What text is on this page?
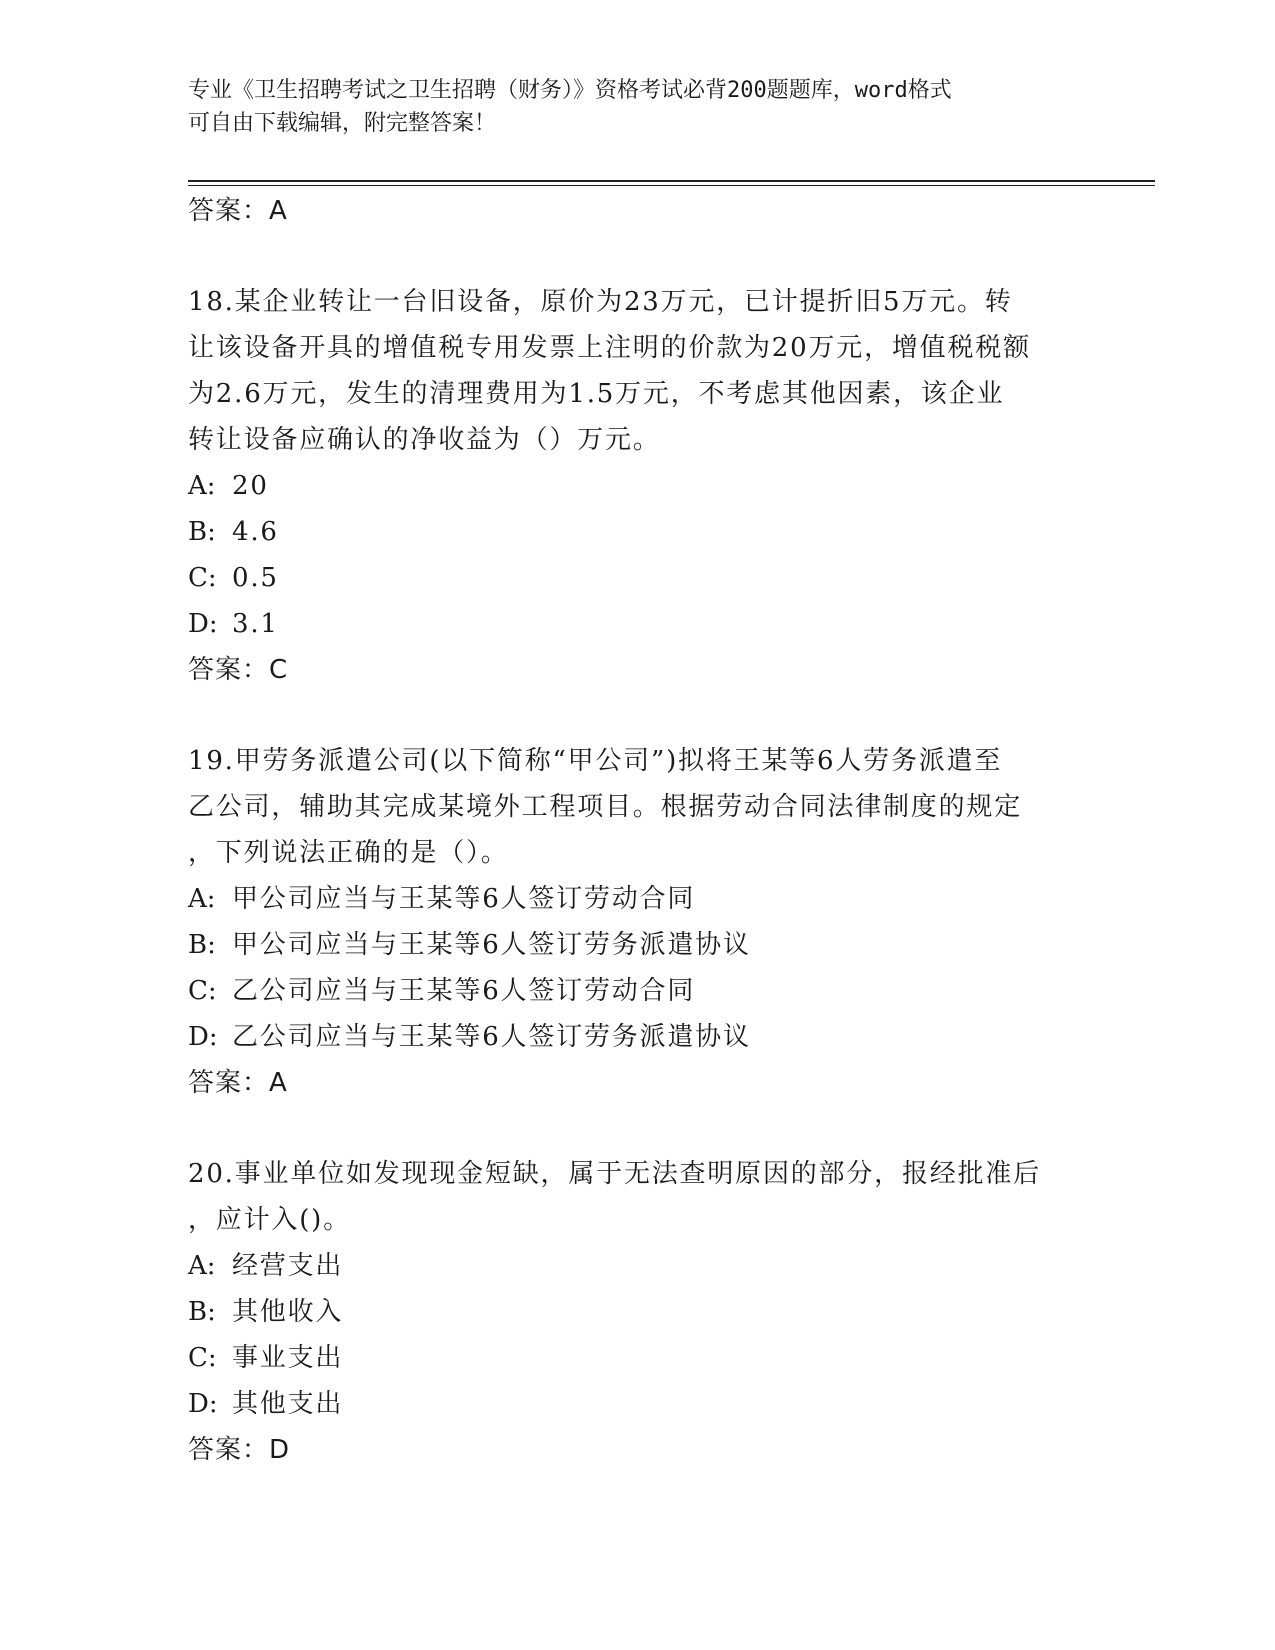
专业《卫生招聘考试之卫生招聘（财务）》资格考试必背200题题库，word格式
可自由下载编辑，附完整答案！
答案：A
18.某企业转让一台旧设备，原价为23万元，已计提折旧5万元。转
让该设备开具的增值税专用发票上注明的价款为20万元，增值税税额
为2.6万元，发生的清理费用为1.5万元，不考虑其他因素，该企业
转让设备应确认的净收益为（）万元。
A: 20
B: 4.6
C: 0.5
D: 3.1
答案：C
19.甲劳务派遣公司(以下简称“甲公司”)拟将王某等6人劳务派遣至
乙公司，辅助其完成某境外工程项目。根据劳动合同法律制度的规定
，下列说法正确的是（）。
A: 甲公司应当与王某等6人签订劳动合同
B: 甲公司应当与王某等6人签订劳务派遣协议
C: 乙公司应当与王某等6人签订劳动合同
D: 乙公司应当与王某等6人签订劳务派遣协议
答案：A
20.事业单位如发现现金短缺，属于无法查明原因的部分，报经批准后
，应计入()。
A: 经营支出
B: 其他收入
C: 事业支出
D: 其他支出
答案：D
